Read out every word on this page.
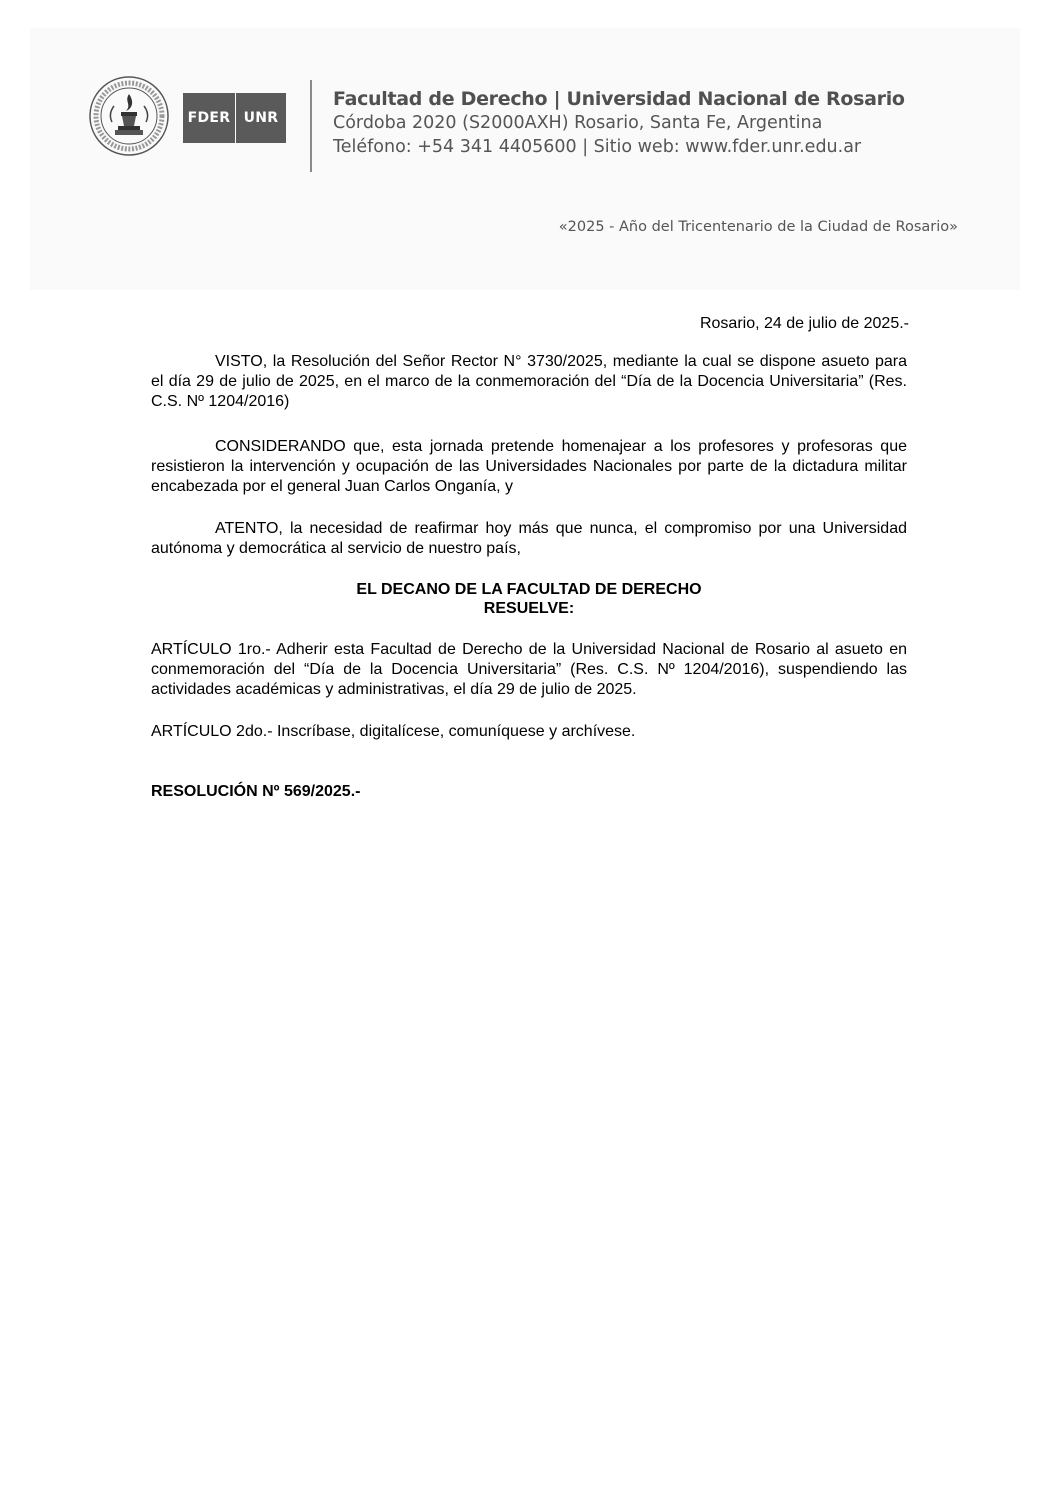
FDER UNR
Facultad de Derecho | Universidad Nacional de Rosario
Córdoba 2020 (S2000AXH) Rosario, Santa Fe, Argentina
Teléfono: +54 341 4405600 | Sitio web: www.fder.unr.edu.ar
«2025 - Año del Tricentenario de la Ciudad de Rosario»
Rosario, 24 de julio de 2025.-
VISTO, la Resolución del Señor Rector N° 3730/2025, mediante la cual se dispone asueto para el día 29 de julio de 2025, en el marco de la conmemoración del “Día de la Docencia Universitaria” (Res. C.S. Nº 1204/2016)
CONSIDERANDO que, esta jornada pretende homenajear a los profesores y profesoras que resistieron la intervención y ocupación de las Universidades Nacionales por parte de la dictadura militar encabezada por el general Juan Carlos Onganía, y
ATENTO, la necesidad de reafirmar hoy más que nunca, el compromiso por una Universidad autónoma y democrática al servicio de nuestro país,
EL DECANO DE LA FACULTAD DE DERECHO
RESUELVE:
ARTÍCULO 1ro.- Adherir esta Facultad de Derecho de la Universidad Nacional de Rosario al asueto en conmemoración del “Día de la Docencia Universitaria” (Res. C.S. Nº 1204/2016), suspendiendo las actividades académicas y administrativas, el día 29 de julio de 2025.
ARTÍCULO 2do.- Inscríbase, digitalícese, comuníquese y archívese.
RESOLUCIÓN Nº 569/2025.-
